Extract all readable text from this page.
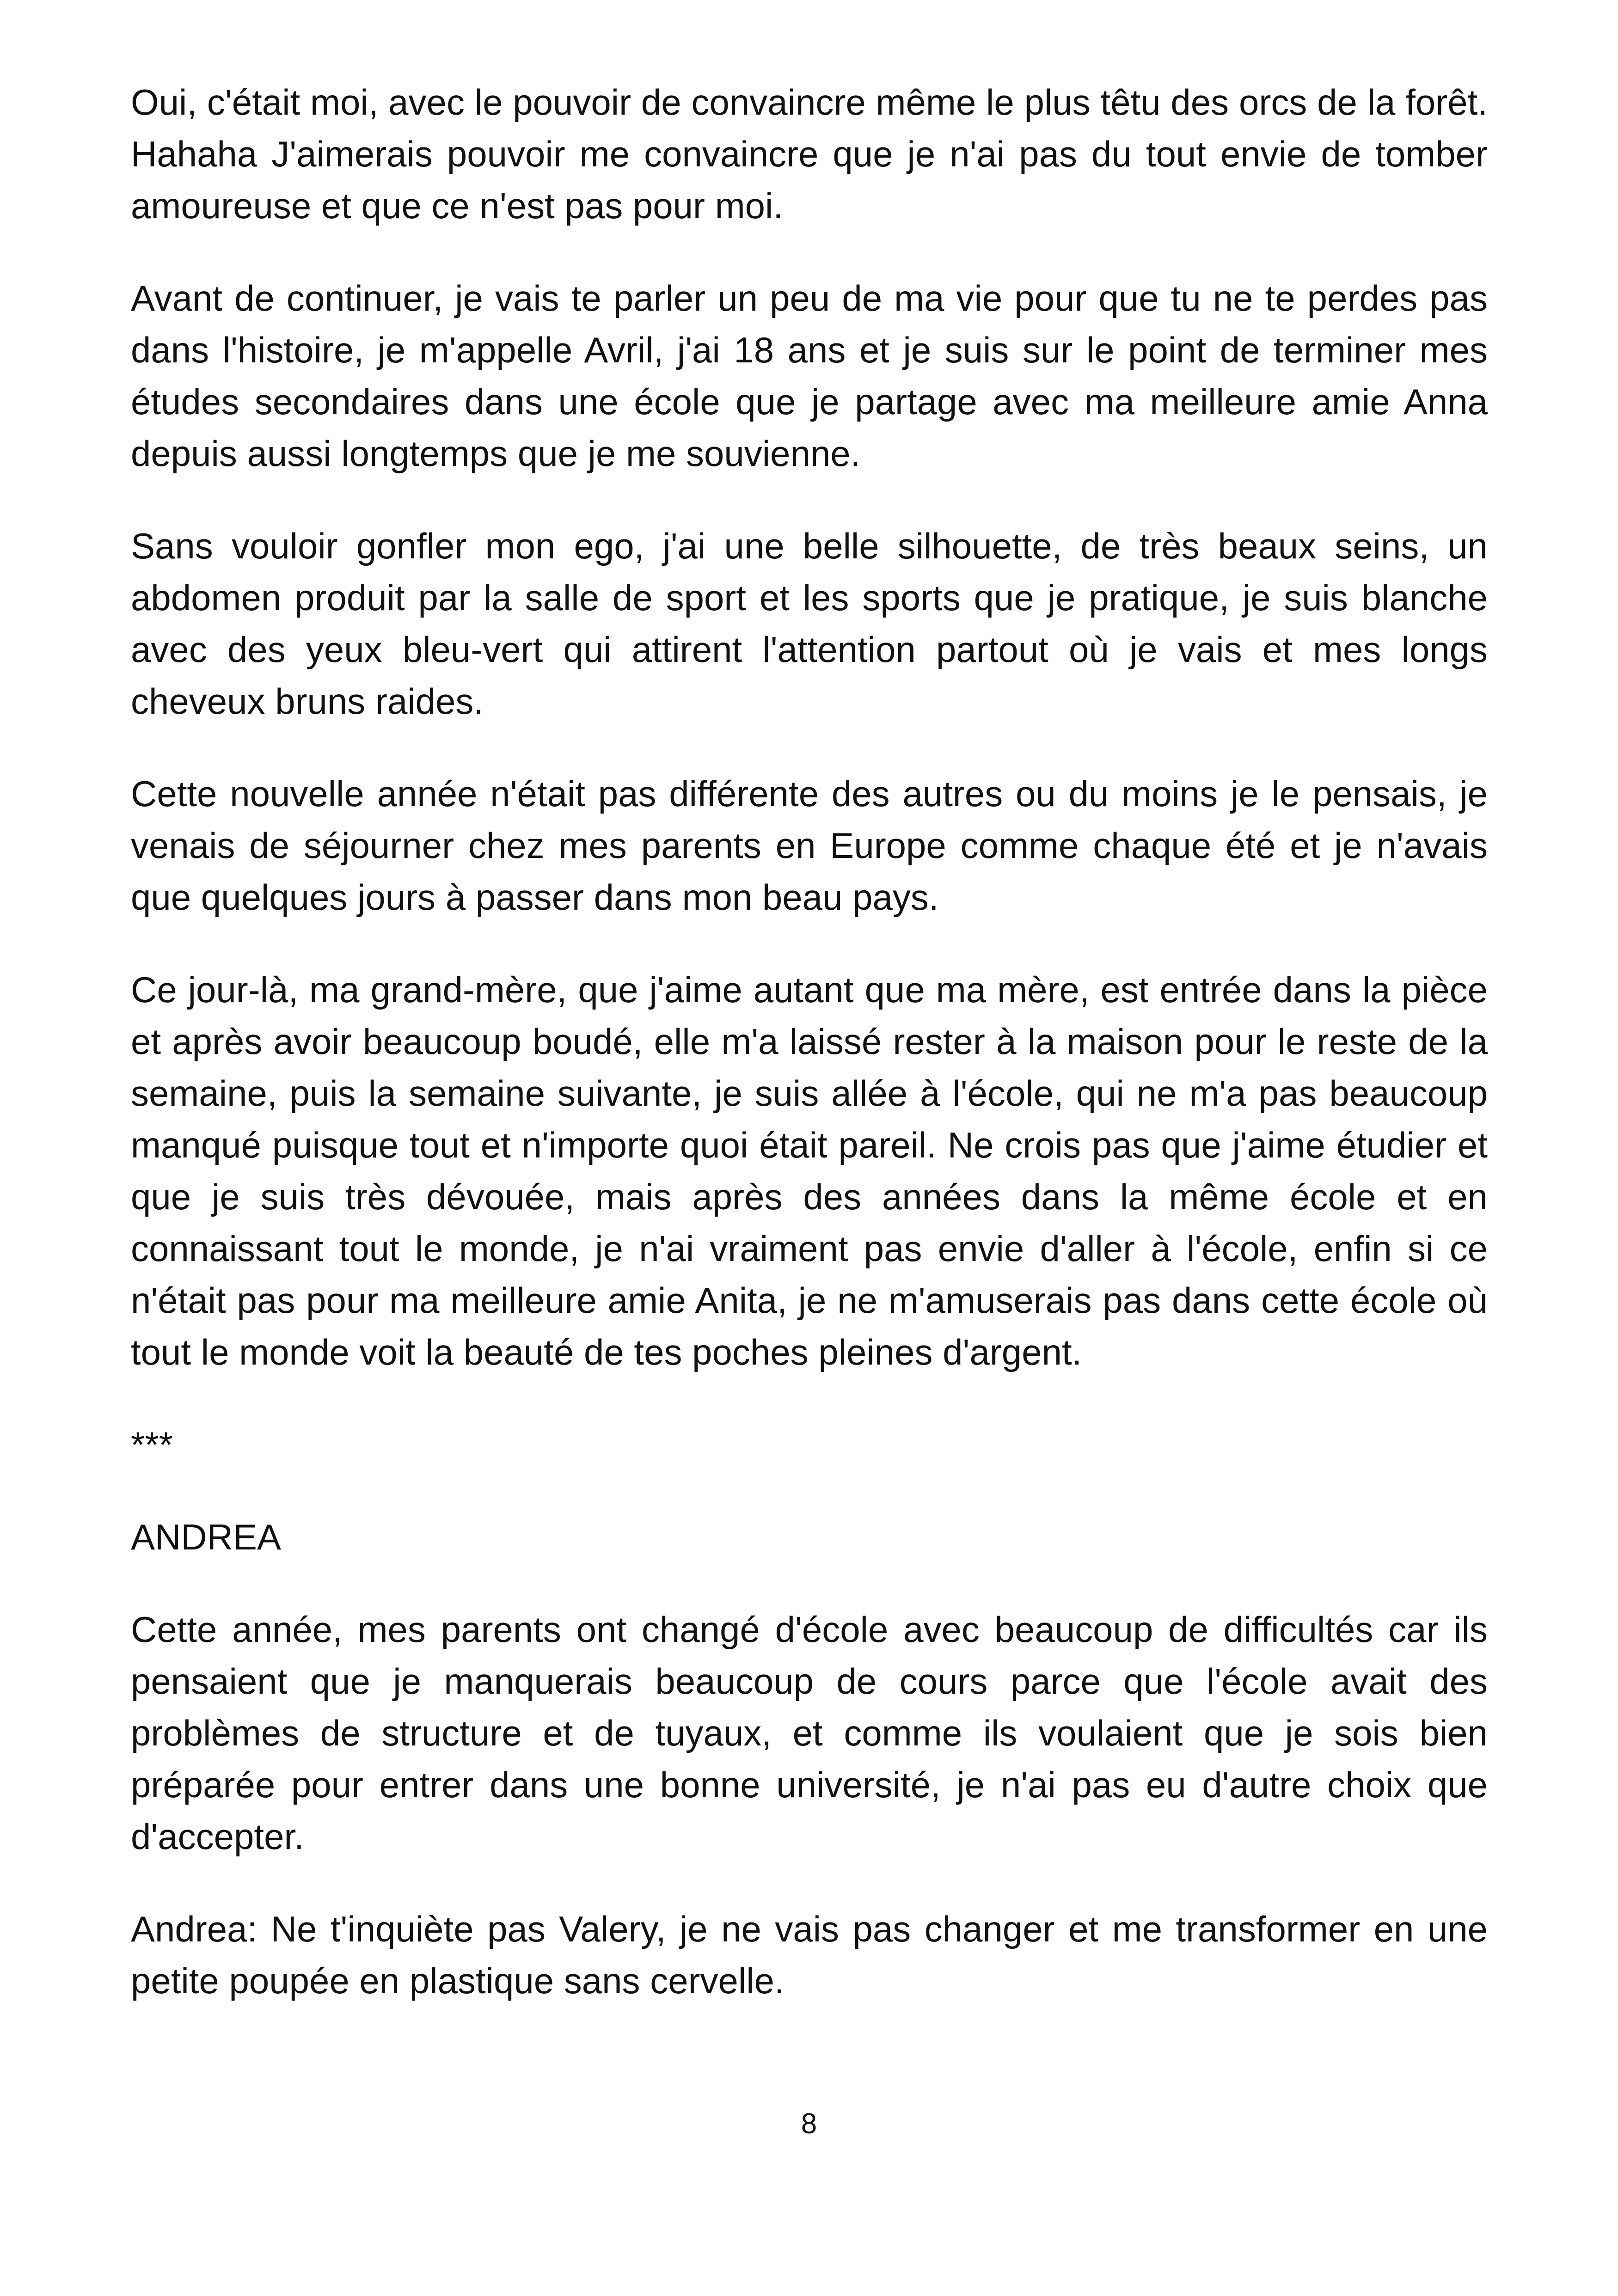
Oui, c'était moi, avec le pouvoir de convaincre même le plus têtu des orcs de la forêt. Hahaha J'aimerais pouvoir me convaincre que je n'ai pas du tout envie de tomber amoureuse et que ce n'est pas pour moi.

Avant de continuer, je vais te parler un peu de ma vie pour que tu ne te perdes pas dans l'histoire, je m'appelle Avril, j'ai 18 ans et je suis sur le point de terminer mes études secondaires dans une école que je partage avec ma meilleure amie Anna depuis aussi longtemps que je me souvienne.

Sans vouloir gonfler mon ego, j'ai une belle silhouette, de très beaux seins, un abdomen produit par la salle de sport et les sports que je pratique, je suis blanche avec des yeux bleu-vert qui attirent l'attention partout où je vais et mes longs cheveux bruns raides.

Cette nouvelle année n'était pas différente des autres ou du moins je le pensais, je venais de séjourner chez mes parents en Europe comme chaque été et je n'avais que quelques jours à passer dans mon beau pays.

Ce jour-là, ma grand-mère, que j'aime autant que ma mère, est entrée dans la pièce et après avoir beaucoup boudé, elle m'a laissé rester à la maison pour le reste de la semaine, puis la semaine suivante, je suis allée à l'école, qui ne m'a pas beaucoup manqué puisque tout et n'importe quoi était pareil. Ne crois pas que j'aime étudier et que je suis très dévouée, mais après des années dans la même école et en connaissant tout le monde, je n'ai vraiment pas envie d'aller à l'école, enfin si ce n'était pas pour ma meilleure amie Anita, je ne m'amuserais pas dans cette école où tout le monde voit la beauté de tes poches pleines d'argent.

***

ANDREA

Cette année, mes parents ont changé d'école avec beaucoup de difficultés car ils pensaient que je manquerais beaucoup de cours parce que l'école avait des problèmes de structure et de tuyaux, et comme ils voulaient que je sois bien préparée pour entrer dans une bonne université, je n'ai pas eu d'autre choix que d'accepter.

Andrea: Ne t'inquiète pas Valery, je ne vais pas changer et me transformer en une petite poupée en plastique sans cervelle.

8
